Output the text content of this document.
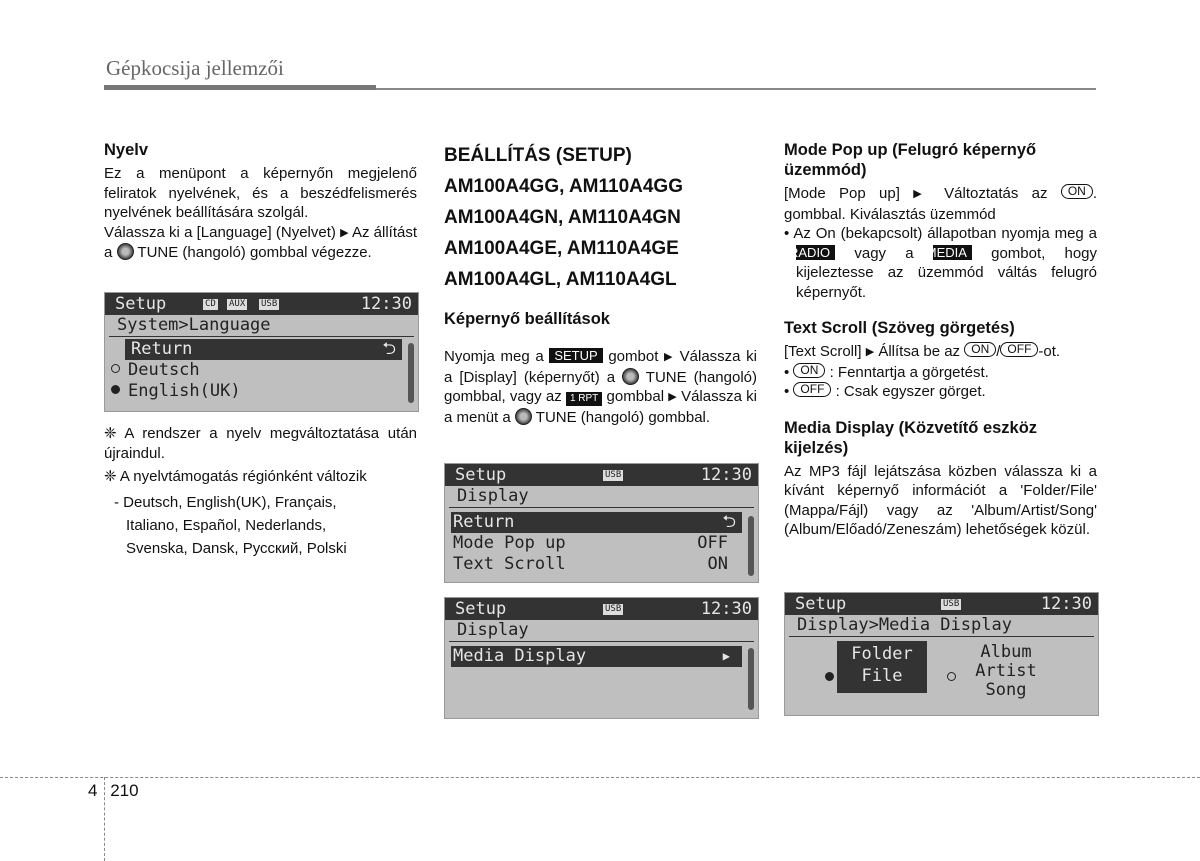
Gépkocsija jellemzői
Nyelv

Ez a menüpont a képernyőn megjelenő feliratok nyelvének, és a beszédfelismerés nyelvének beállítására szolgál.

Válassza ki a [Language] (Nyelvet) ▶ Az állítást a TUNE (hangoló) gombbal végezze.

Setup	CD AUX USB	12:30
System>Language
Return	⮌
Deutsch
English(UK)

❈ A rendszer a nyelv megváltoztatása után újraindul.

❈ A nyelvtámogatás régiónként változik

- Deutsch, English(UK), Français,
Italiano, Español, Nederlands,
Svenska, Dansk, Русский, Polski
BEÁLLÍTÁS (SETUP)
AM100A4GG, AM110A4GG
AM100A4GN, AM110A4GN
AM100A4GE, AM110A4GE
AM100A4GL, AM110A4GL
Képernyő beállítások

Nyomja meg a SETUP gombot ▶ Válassza ki a [Display] (képernyőt) a TUNE (hangoló) gombbal, vagy az 1 RPT gombbal ▶ Válassza ki a menüt a TUNE (hangoló) gombbal.

Setup	USB	12:30
Display
Return	⮌
Mode Pop up	OFF
Text Scroll	ON
Setup	USB	12:30
Display
Media Display	▶
Mode Pop up (Felugró képernyő üzemmód)

[Mode Pop up] ▶ Változtatás az ON . gombbal. Kiválasztás üzemmód

• Az On (bekapcsolt) állapotban nyomja meg a RADIO vagy a MEDIA gombot, hogy kijeleztesse az üzemmód váltás felugró képernyőt.

Text Scroll (Szöveg görgetés)

[Text Scroll] ▶ Állítsa be az ON / OFF -ot.

• ON : Fenntartja a görgetést.

• OFF : Csak egyszer görget.

Media Display (Közvetítő eszköz kijelzés)

Az MP3 fájl lejátszása közben válassza ki a kívánt képernyő információt a 'Folder/File' (Mappa/Fájl) vagy az 'Album/Artist/Song' (Album/Előadó/Zeneszám) lehetőségek közül.

Setup	USB	12:30
Display>Media Display
Folder
File
Album
Artist
Song
4 210
